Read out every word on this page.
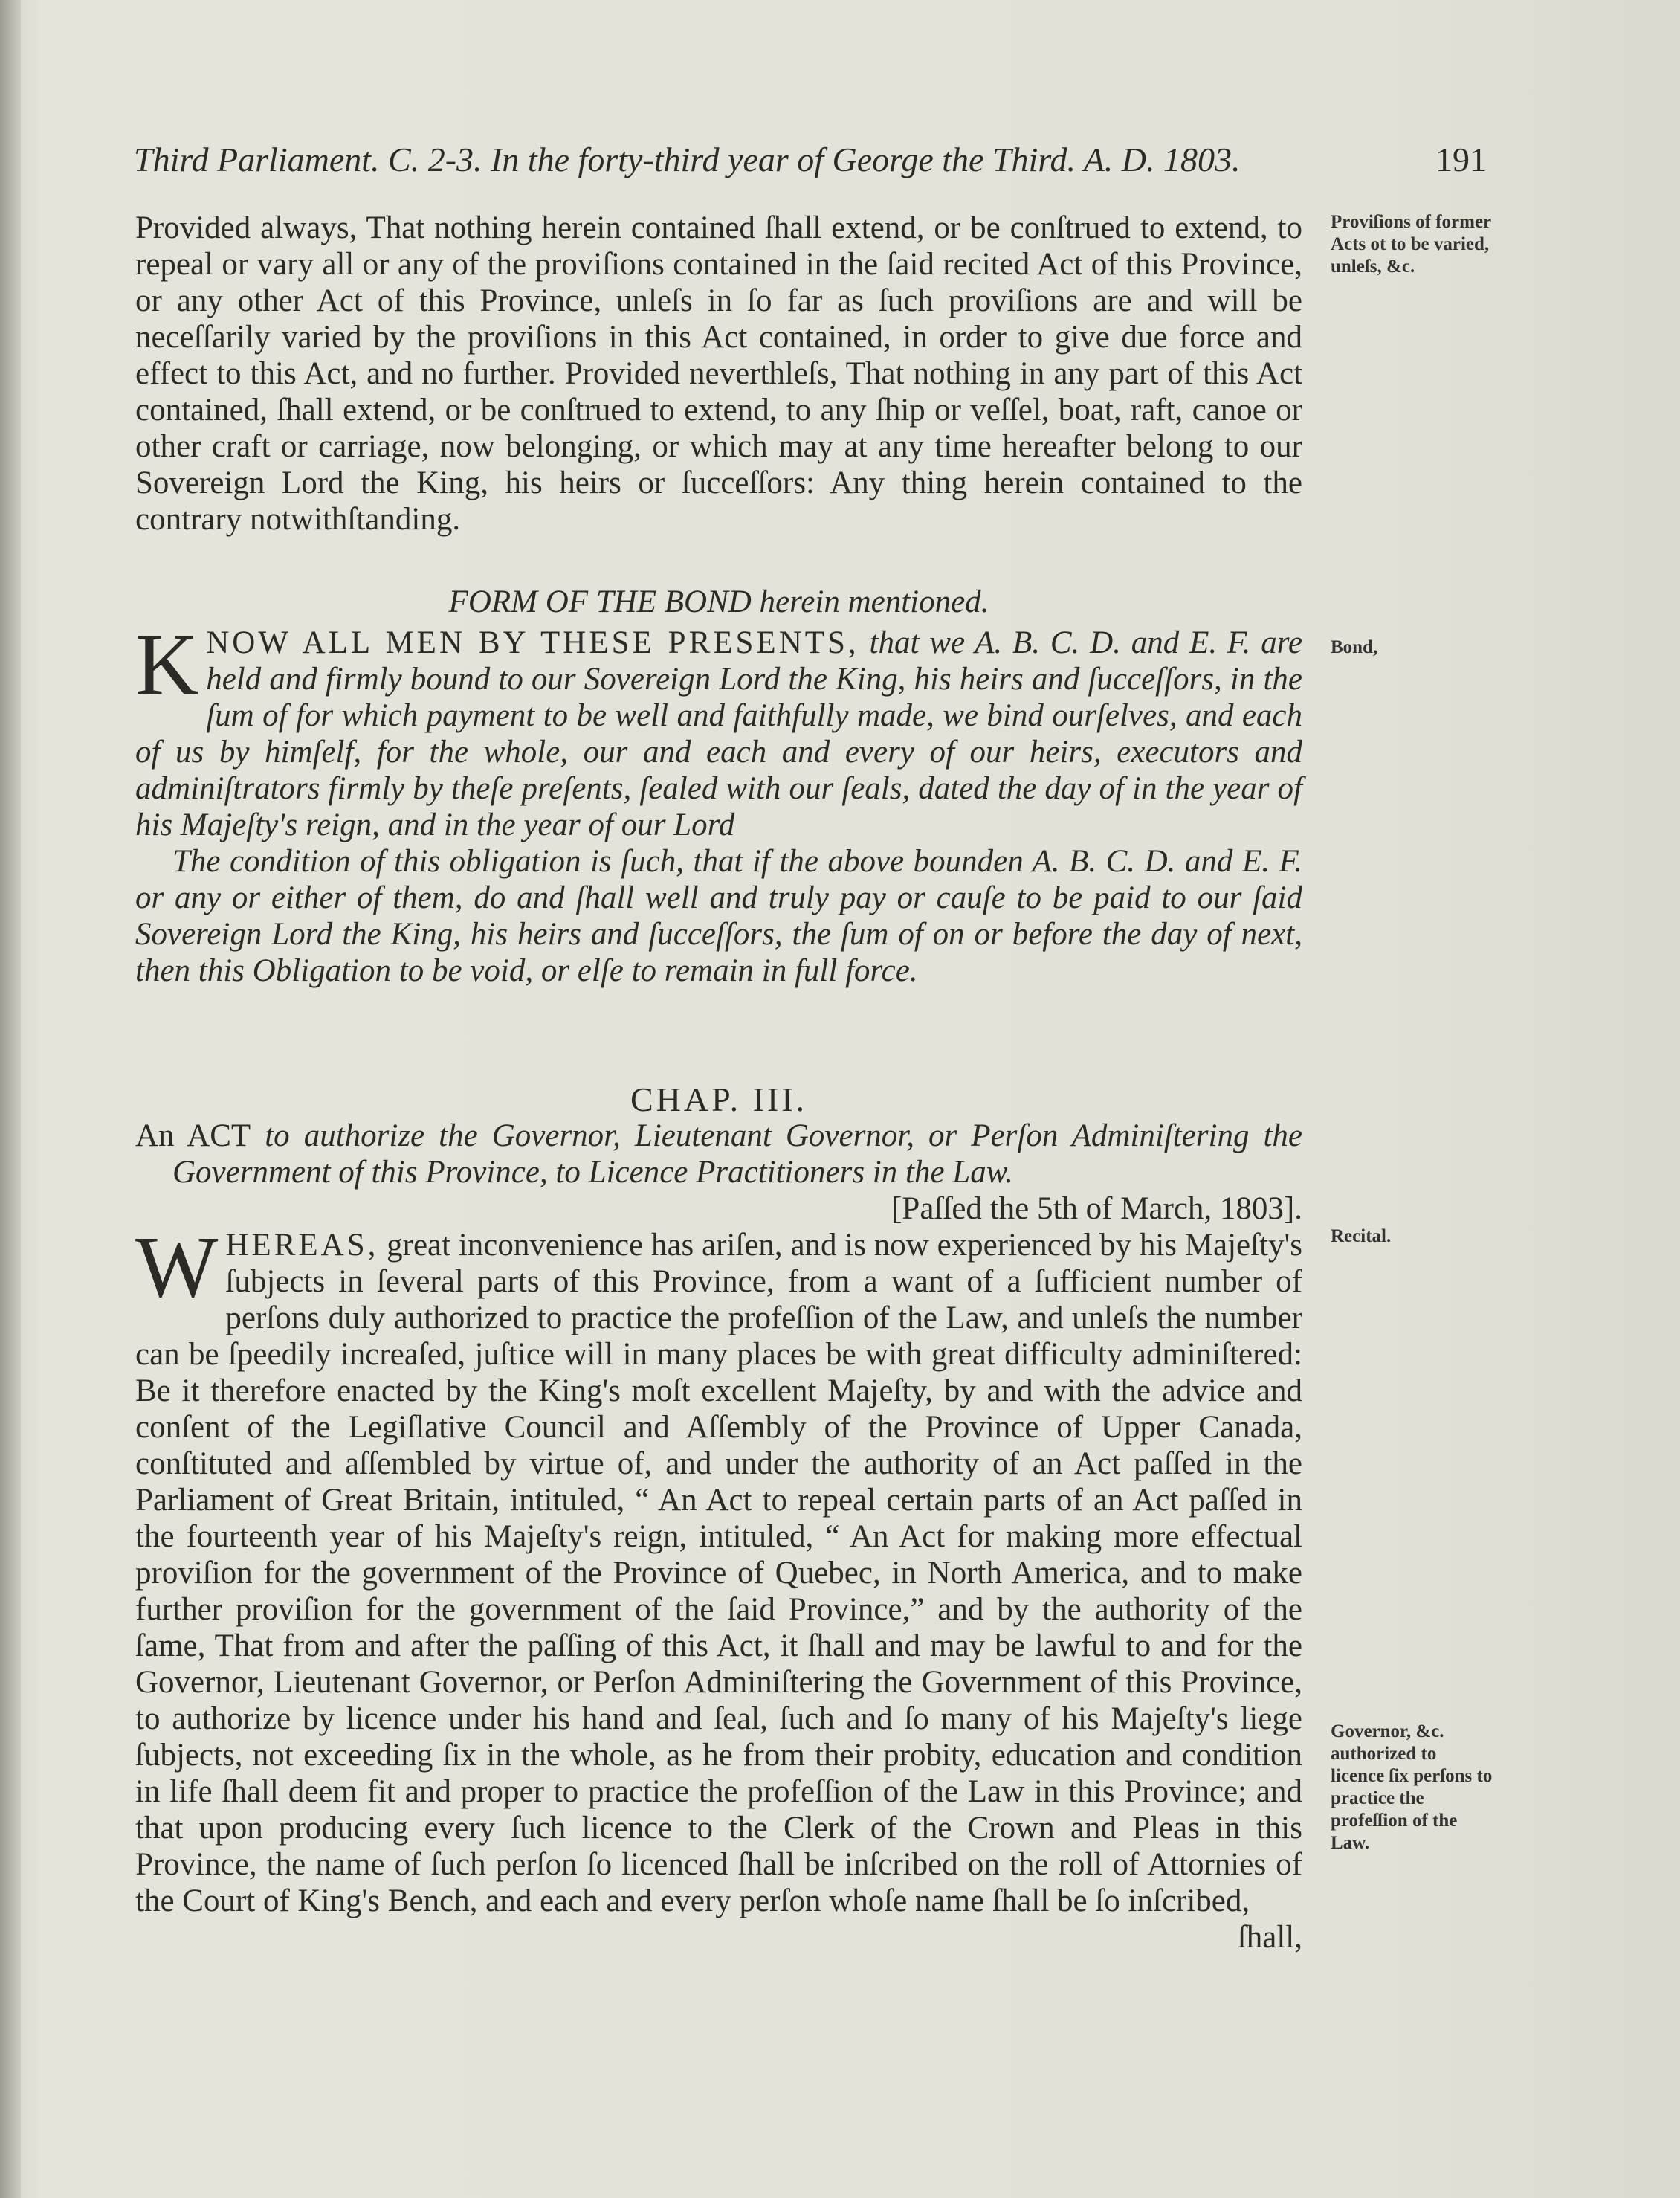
Third Parliament. C. 2-3. In the forty-third year of George the Third. A. D. 1803.	191

Provided always, That nothing herein contained ſhall extend, or be conſtrued to extend, to repeal or vary all or any of the proviſions contained in the ſaid recited Act of this Province, or any other Act of this Province, unleſs in ſo far as ſuch proviſions are and will be neceſſarily varied by the proviſions in this Act contained, in order to give due force and effect to this Act, and no further. Provided neverthleſs, That nothing in any part of this Act contained, ſhall extend, or be conſtrued to extend, to any ſhip or veſſel, boat, raft, canoe or other craft or carriage, now belonging, or which may at any time hereafter belong to our Sovereign Lord the King, his heirs or ſucceſſors: Any thing herein contained to the contrary notwithſtanding.

FORM OF THE BOND herein mentioned.

K NOW ALL MEN BY THESE PRESENTS, that we A. B. C. D. and E. F. are held and firmly bound to our Sovereign Lord the King, his heirs and ſucceſſors, in the ſum of for which payment to be well and faithfully made, we bind ourſelves, and each of us by himſelf, for the whole, our and each and every of our heirs, executors and adminiſtrators firmly by theſe preſents, ſealed with our ſeals, dated the day of in the year of his Majeſty's reign, and in the year of our Lord

The condition of this obligation is ſuch, that if the above bounden A. B. C. D. and E. F. or any or either of them, do and ſhall well and truly pay or cauſe to be paid to our ſaid Sovereign Lord the King, his heirs and ſucceſſors, the ſum of on or before the day of next, then this Obligation to be void, or elſe to remain in full force.

CHAP. III.

An ACT to authorize the Governor, Lieutenant Governor, or Perſon Adminiſtering the Government of this Province, to Licence Practitioners in the Law.

[Paſſed the 5th of March, 1803].

W HEREAS, great inconvenience has ariſen, and is now experienced by his Majeſty's ſubjects in ſeveral parts of this Province, from a want of a ſufficient number of perſons duly authorized to practice the profeſſion of the Law, and unleſs the number can be ſpeedily increaſed, juſtice will in many places be with great difficulty adminiſtered: Be it therefore enacted by the King's moſt excellent Majeſty, by and with the advice and conſent of the Legiſlative Council and Aſſembly of the Province of Upper Canada, conſtituted and aſſembled by virtue of, and under the authority of an Act paſſed in the Parliament of Great Britain, intituled, “ An Act to repeal certain parts of an Act paſſed in the fourteenth year of his Majeſty's reign, intituled, “ An Act for making more effectual proviſion for the government of the Province of Quebec, in North America, and to make further proviſion for the government of the ſaid Province,” and by the authority of the ſame, That from and after the paſſing of this Act, it ſhall and may be lawful to and for the Governor, Lieutenant Governor, or Perſon Adminiſtering the Government of this Province, to authorize by licence under his hand and ſeal, ſuch and ſo many of his Majeſty's liege ſubjects, not exceeding ſix in the whole, as he from their probity, education and condition in life ſhall deem fit and proper to practice the profeſſion of the Law in this Province; and that upon producing every ſuch licence to the Clerk of the Crown and Pleas in this Province, the name of ſuch perſon ſo licenced ſhall be inſcribed on the roll of Attornies of the Court of King's Bench, and each and every perſon whoſe name ſhall be ſo inſcribed,

ſhall,

Proviſions of former Acts ot to be varied, unleſs, &c.
Bond,
Recital.
Governor, &c. authorized to licence ſix perſons to practice the profeſſion of the Law.
